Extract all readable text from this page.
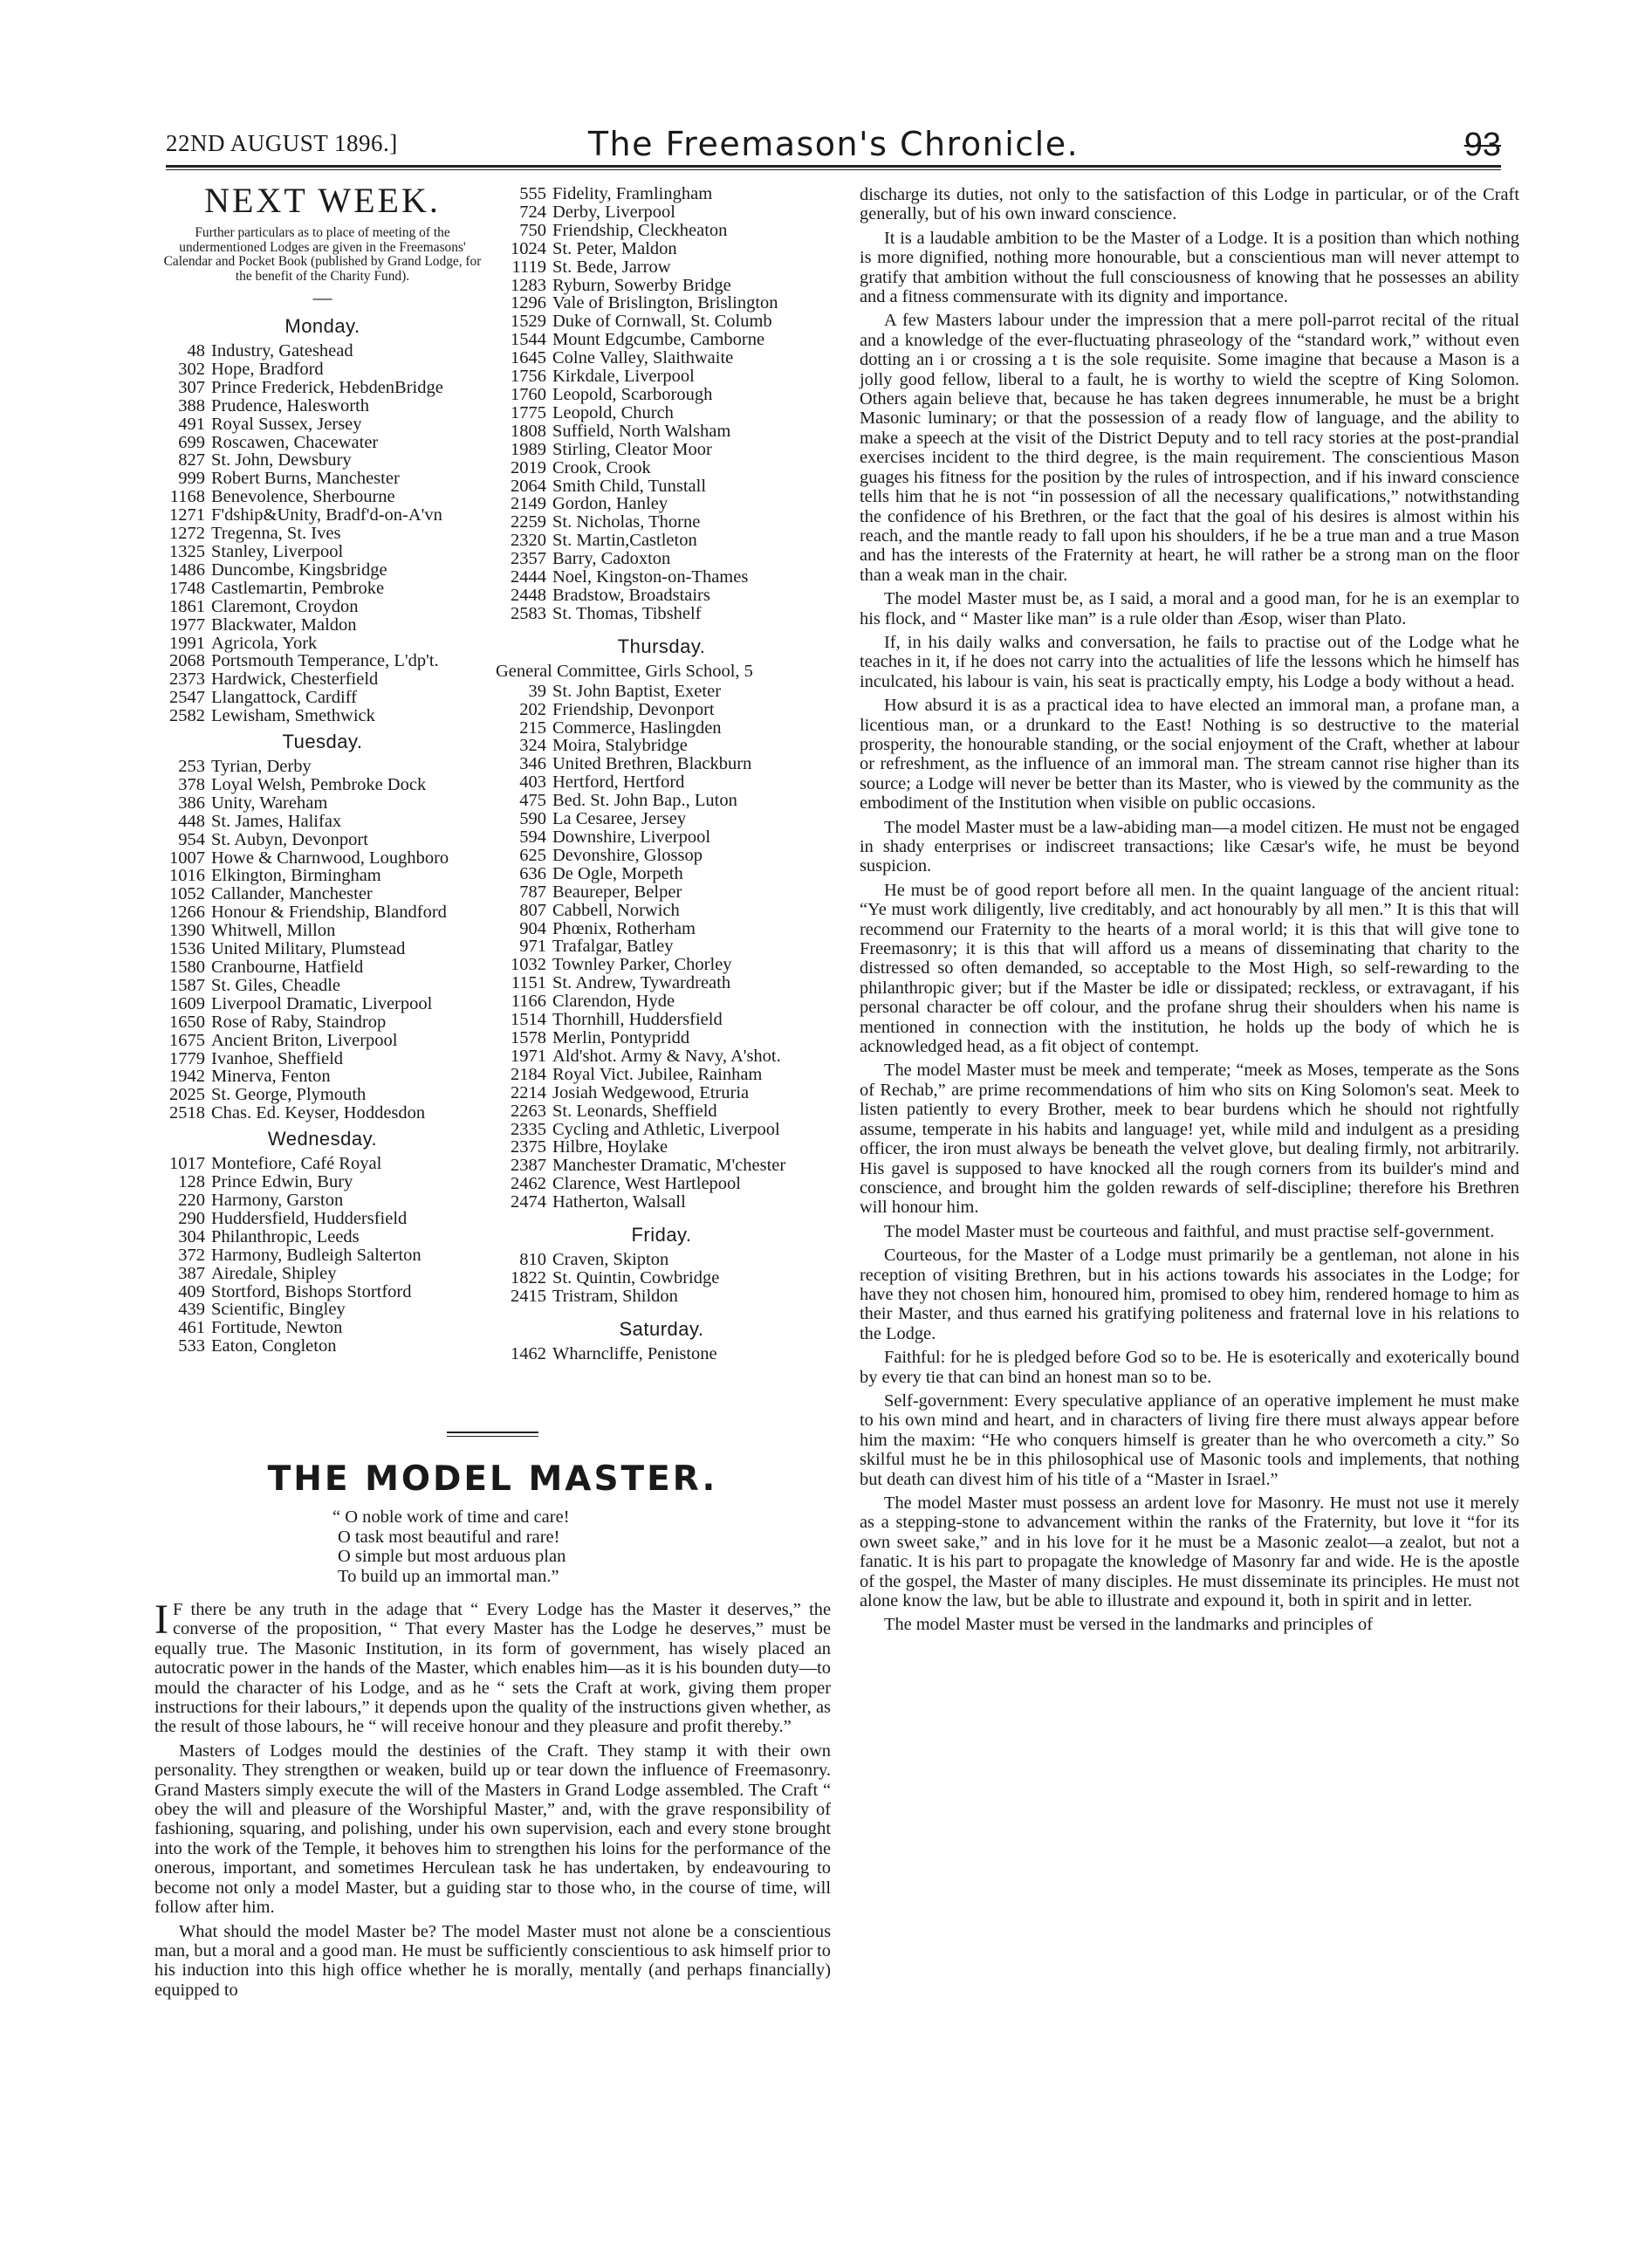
22ND AUGUST 1896.]	The Freemason's Chronicle.	93
NEXT WEEK.
Further particulars as to place of meeting of the undermentioned Lodges are given in the Freemasons' Calendar and Pocket Book (published by Grand Lodge, for the benefit of the Charity Fund).
—
Monday.
48 Industry, Gateshead
302 Hope, Bradford
307 Prince Frederick, HebdenBridge
388 Prudence, Halesworth
491 Royal Sussex, Jersey
699 Roscawen, Chacewater
827 St. John, Dewsbury
999 Robert Burns, Manchester
1168 Benevolence, Sherbourne
1271 F'dship&Unity, Bradf'd-on-A'vn
1272 Tregenna, St. Ives
1325 Stanley, Liverpool
1486 Duncombe, Kingsbridge
1748 Castlemartin, Pembroke
1861 Claremont, Croydon
1977 Blackwater, Maldon
1991 Agricola, York
2068 Portsmouth Temperance, L'dp't.
2373 Hardwick, Chesterfield
2547 Llangattock, Cardiff
2582 Lewisham, Smethwick
Tuesday.
253 Tyrian, Derby
378 Loyal Welsh, Pembroke Dock
386 Unity, Wareham
448 St. James, Halifax
954 St. Aubyn, Devonport
1007 Howe & Charnwood, Loughboro
1016 Elkington, Birmingham
1052 Callander, Manchester
1266 Honour & Friendship, Blandford
1390 Whitwell, Millon
1536 United Military, Plumstead
1580 Cranbourne, Hatfield
1587 St. Giles, Cheadle
1609 Liverpool Dramatic, Liverpool
1650 Rose of Raby, Staindrop
1675 Ancient Briton, Liverpool
1779 Ivanhoe, Sheffield
1942 Minerva, Fenton
2025 St. George, Plymouth
2518 Chas. Ed. Keyser, Hoddesdon
Wednesday.
1017 Montefiore, Café Royal
128 Prince Edwin, Bury
220 Harmony, Garston
290 Huddersfield, Huddersfield
304 Philanthropic, Leeds
372 Harmony, Budleigh Salterton
387 Airedale, Shipley
409 Stortford, Bishops Stortford
439 Scientific, Bingley
461 Fortitude, Newton
533 Eaton, Congleton
555 Fidelity, Framlingham
724 Derby, Liverpool
750 Friendship, Cleckheaton
1024 St. Peter, Maldon
1119 St. Bede, Jarrow
1283 Ryburn, Sowerby Bridge
1296 Vale of Brislington, Brislington
1529 Duke of Cornwall, St. Columb
1544 Mount Edgcumbe, Camborne
1645 Colne Valley, Slaithwaite
1756 Kirkdale, Liverpool
1760 Leopold, Scarborough
1775 Leopold, Church
1808 Suffield, North Walsham
1989 Stirling, Cleator Moor
2019 Crook, Crook
2064 Smith Child, Tunstall
2149 Gordon, Hanley
2259 St. Nicholas, Thorne
2320 St. Martin,Castleton
2357 Barry, Cadoxton
2444 Noel, Kingston-on-Thames
2448 Bradstow, Broadstairs
2583 St. Thomas, Tibshelf
Thursday.
General Committee, Girls School, 5
39 St. John Baptist, Exeter
202 Friendship, Devonport
215 Commerce, Haslingden
324 Moira, Stalybridge
346 United Brethren, Blackburn
403 Hertford, Hertford
475 Bed. St. John Bap., Luton
590 La Cesaree, Jersey
594 Downshire, Liverpool
625 Devonshire, Glossop
636 De Ogle, Morpeth
787 Beaureper, Belper
807 Cabbell, Norwich
904 Phœnix, Rotherham
971 Trafalgar, Batley
1032 Townley Parker, Chorley
1151 St. Andrew, Tywardreath
1166 Clarendon, Hyde
1514 Thornhill, Huddersfield
1578 Merlin, Pontypridd
1971 Ald'shot. Army & Navy, A'shot.
2184 Royal Vict. Jubilee, Rainham
2214 Josiah Wedgewood, Etruria
2263 St. Leonards, Sheffield
2335 Cycling and Athletic, Liverpool
2375 Hilbre, Hoylake
2387 Manchester Dramatic, M'chester
2462 Clarence, West Hartlepool
2474 Hatherton, Walsall
Friday.
810 Craven, Skipton
1822 St. Quintin, Cowbridge
2415 Tristram, Shildon
Saturday.
1462 Wharncliffe, Penistone
THE MODEL MASTER.
“ O noble work of time and care!
O task most beautiful and rare!
O simple but most arduous plan
To build up an immortal man.”

I F there be any truth in the adage that “ Every Lodge has the Master it deserves,” the converse of the proposition, “ That every Master has the Lodge he deserves,” must be equally true. The Masonic Institution, in its form of government, has wisely placed an autocratic power in the hands of the Master, which enables him—as it is his bounden duty—to mould the character of his Lodge, and as he “ sets the Craft at work, giving them proper instructions for their labours,” it depends upon the quality of the instructions given whether, as the result of those labours, he “ will receive honour and they pleasure and profit thereby.”

Masters of Lodges mould the destinies of the Craft. They stamp it with their own personality. They strengthen or weaken, build up or tear down the influence of Freemasonry. Grand Masters simply execute the will of the Masters in Grand Lodge assembled. The Craft “ obey the will and pleasure of the Worshipful Master,” and, with the grave responsibility of fashioning, squaring, and polishing, under his own supervision, each and every stone brought into the work of the Temple, it behoves him to strengthen his loins for the performance of the onerous, important, and sometimes Herculean task he has undertaken, by endeavouring to become not only a model Master, but a guiding star to those who, in the course of time, will follow after him.

What should the model Master be? The model Master must not alone be a conscientious man, but a moral and a good man. He must be sufficiently conscientious to ask himself prior to his induction into this high office whether he is morally, mentally (and perhaps financially) equipped to

discharge its duties, not only to the satisfaction of this Lodge in particular, or of the Craft generally, but of his own inward conscience.

It is a laudable ambition to be the Master of a Lodge. It is a position than which nothing is more dignified, nothing more honourable, but a conscientious man will never attempt to gratify that ambition without the full consciousness of knowing that he possesses an ability and a fitness commensurate with its dignity and importance.

A few Masters labour under the impression that a mere poll-parrot recital of the ritual and a knowledge of the ever-fluctuating phraseology of the “standard work,” without even dotting an i or crossing a t is the sole requisite. Some imagine that because a Mason is a jolly good fellow, liberal to a fault, he is worthy to wield the sceptre of King Solomon. Others again believe that, because he has taken degrees innumerable, he must be a bright Masonic luminary; or that the possession of a ready flow of language, and the ability to make a speech at the visit of the District Deputy and to tell racy stories at the post-prandial exercises incident to the third degree, is the main requirement. The conscientious Mason guages his fitness for the position by the rules of introspection, and if his inward conscience tells him that he is not “in possession of all the necessary qualifications,” notwithstanding the confidence of his Brethren, or the fact that the goal of his desires is almost within his reach, and the mantle ready to fall upon his shoulders, if he be a true man and a true Mason and has the interests of the Fraternity at heart, he will rather be a strong man on the floor than a weak man in the chair.

The model Master must be, as I said, a moral and a good man, for he is an exemplar to his flock, and “ Master like man” is a rule older than Æsop, wiser than Plato.

If, in his daily walks and conversation, he fails to practise out of the Lodge what he teaches in it, if he does not carry into the actualities of life the lessons which he himself has inculcated, his labour is vain, his seat is practically empty, his Lodge a body without a head.

How absurd it is as a practical idea to have elected an immoral man, a profane man, a licentious man, or a drunkard to the East! Nothing is so destructive to the material prosperity, the honourable standing, or the social enjoyment of the Craft, whether at labour or refreshment, as the influence of an immoral man. The stream cannot rise higher than its source; a Lodge will never be better than its Master, who is viewed by the community as the embodiment of the Institution when visible on public occasions.

The model Master must be a law-abiding man—a model citizen. He must not be engaged in shady enterprises or indiscreet transactions; like Cæsar's wife, he must be beyond suspicion.

He must be of good report before all men. In the quaint language of the ancient ritual: “Ye must work diligently, live creditably, and act honourably by all men.” It is this that will recommend our Fraternity to the hearts of a moral world; it is this that will give tone to Freemasonry; it is this that will afford us a means of disseminating that charity to the distressed so often demanded, so acceptable to the Most High, so self-rewarding to the philanthropic giver; but if the Master be idle or dissipated; reckless, or extravagant, if his personal character be off colour, and the profane shrug their shoulders when his name is mentioned in connection with the institution, he holds up the body of which he is acknowledged head, as a fit object of contempt.

The model Master must be meek and temperate; “meek as Moses, temperate as the Sons of Rechab,” are prime recommendations of him who sits on King Solomon's seat. Meek to listen patiently to every Brother, meek to bear burdens which he should not rightfully assume, temperate in his habits and language! yet, while mild and indulgent as a presiding officer, the iron must always be beneath the velvet glove, but dealing firmly, not arbitrarily. His gavel is supposed to have knocked all the rough corners from its builder's mind and conscience, and brought him the golden rewards of self-discipline; therefore his Brethren will honour him.

The model Master must be courteous and faithful, and must practise self-government.

Courteous, for the Master of a Lodge must primarily be a gentleman, not alone in his reception of visiting Brethren, but in his actions towards his associates in the Lodge; for have they not chosen him, honoured him, promised to obey him, rendered homage to him as their Master, and thus earned his gratifying politeness and fraternal love in his relations to the Lodge.

Faithful: for he is pledged before God so to be. He is esoterically and exoterically bound by every tie that can bind an honest man so to be.

Self-government: Every speculative appliance of an operative implement he must make to his own mind and heart, and in characters of living fire there must always appear before him the maxim: “He who conquers himself is greater than he who overcometh a city.” So skilful must he be in this philosophical use of Masonic tools and implements, that nothing but death can divest him of his title of a “Master in Israel.”

The model Master must possess an ardent love for Masonry. He must not use it merely as a stepping-stone to advancement within the ranks of the Fraternity, but love it “for its own sweet sake,” and in his love for it he must be a Masonic zealot—a zealot, but not a fanatic. It is his part to propagate the knowledge of Masonry far and wide. He is the apostle of the gospel, the Master of many disciples. He must disseminate its principles. He must not alone know the law, but be able to illustrate and expound it, both in spirit and in letter.

The model Master must be versed in the landmarks and principles of
